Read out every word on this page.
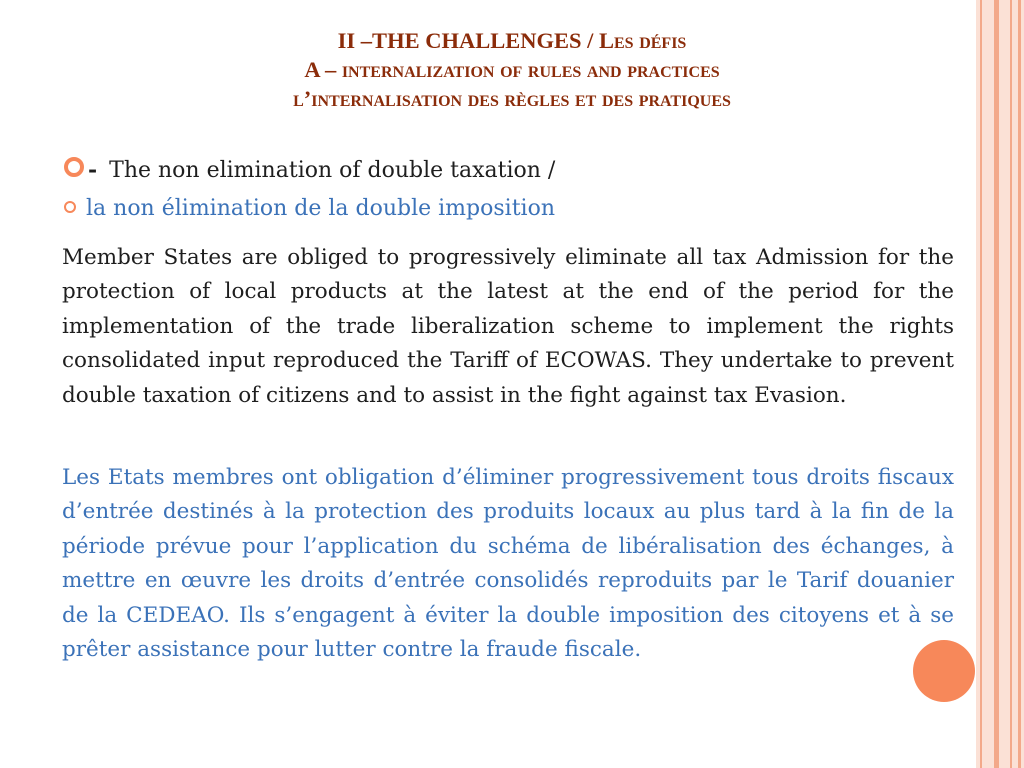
II –THE CHALLENGES / Les défis
A – internalization of rules and practices
l’internalisation des règles et des pratiques
- The non elimination of double taxation /
la non élimination de la double imposition

Member States are obliged to progressively eliminate all tax Admission for the protection of local products at the latest at the end of the period for the implementation of the trade liberalization scheme to implement the rights consolidated input reproduced the Tariff of ECOWAS. They undertake to prevent double taxation of citizens and to assist in the fight against tax Evasion.

Les Etats membres ont obligation d’éliminer progressivement tous droits fiscaux d’entrée destinés à la protection des produits locaux au plus tard à la fin de la période prévue pour l’application du schéma de libéralisation des échanges, à mettre en œuvre les droits d’entrée consolidés reproduits par le Tarif douanier de la CEDEAO. Ils s’engagent à éviter la double imposition des citoyens et à se prêter assistance pour lutter contre la fraude fiscale.
